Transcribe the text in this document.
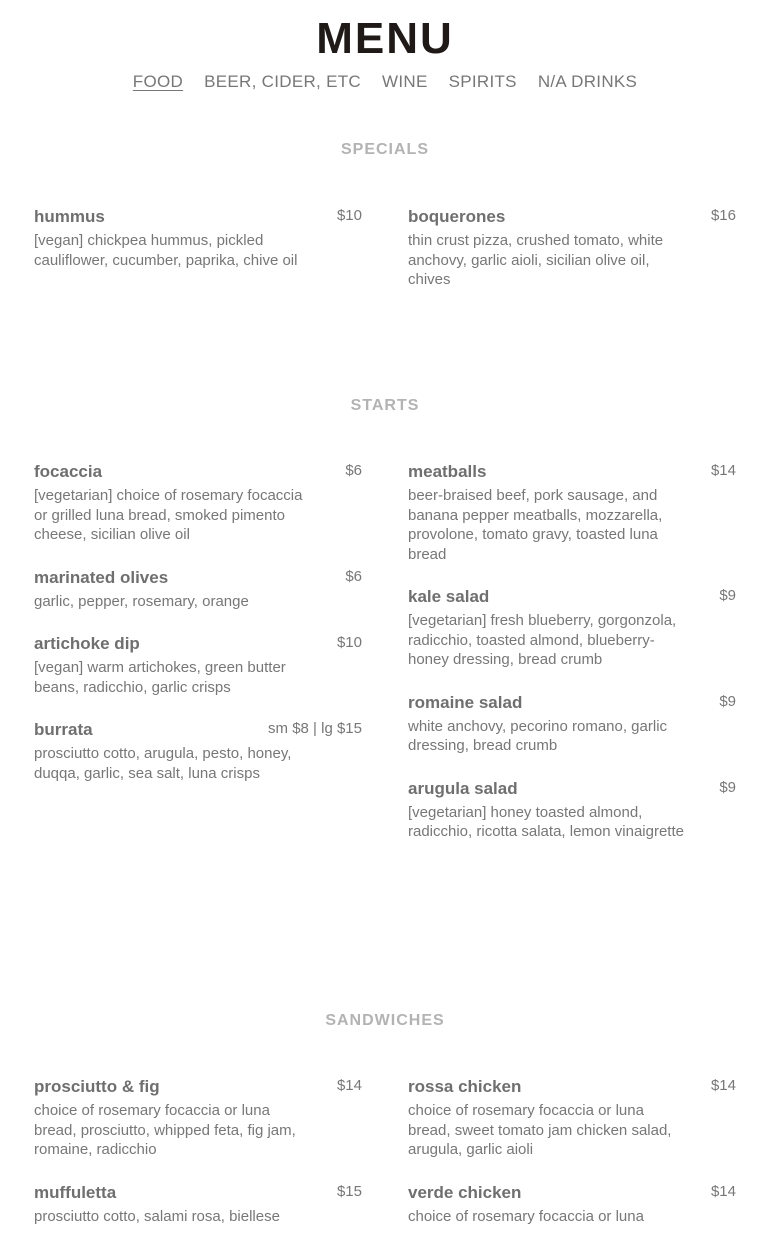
MENU
FOOD BEER, CIDER, ETC WINE SPIRITS N/A DRINKS
SPECIALS
hummus	$10
[vegan] chickpea hummus, pickled cauliflower, cucumber, paprika, chive oil
boquerones	$16
thin crust pizza, crushed tomato, white anchovy, garlic aioli, sicilian olive oil, chives
STARTS
focaccia	$6
[vegetarian] choice of rosemary focaccia or grilled luna bread, smoked pimento cheese, sicilian olive oil
marinated olives	$6
garlic, pepper, rosemary, orange
artichoke dip	$10
[vegan] warm artichokes, green butter beans, radicchio, garlic crisps
burrata	sm $8 | lg $15
prosciutto cotto, arugula, pesto, honey, duqqa, garlic, sea salt, luna crisps
meatballs	$14
beer-braised beef, pork sausage, and banana pepper meatballs, mozzarella, provolone, tomato gravy, toasted luna bread
kale salad	$9
[vegetarian] fresh blueberry, gorgonzola, radicchio, toasted almond, blueberry-honey dressing, bread crumb
romaine salad	$9
white anchovy, pecorino romano, garlic dressing, bread crumb
arugula salad	$9
[vegetarian] honey toasted almond, radicchio, ricotta salata, lemon vinaigrette
SANDWICHES
prosciutto & fig	$14
choice of rosemary focaccia or luna bread, prosciutto, whipped feta, fig jam, romaine, radicchio
muffuletta	$15
prosciutto cotto, salami rosa, biellese
rossa chicken	$14
choice of rosemary focaccia or luna bread, sweet tomato jam chicken salad, arugula, garlic aioli
verde chicken	$14
choice of rosemary focaccia or luna
